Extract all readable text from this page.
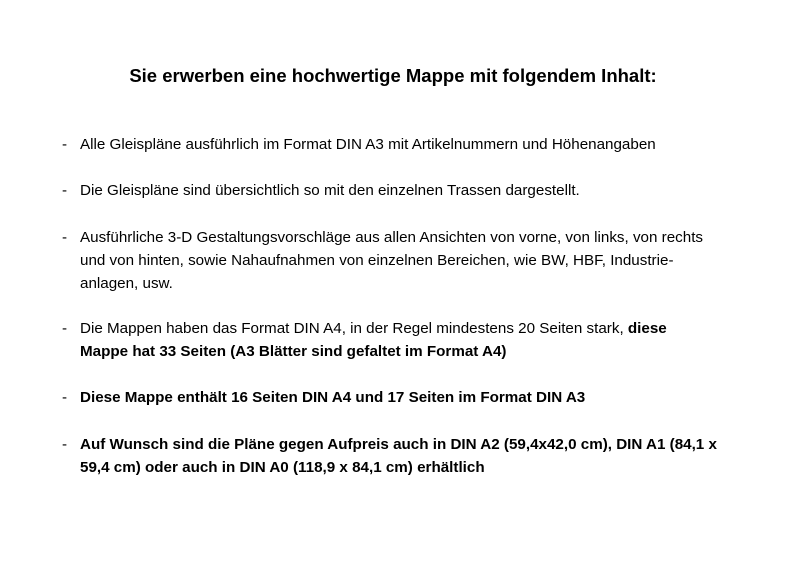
Sie erwerben eine hochwertige Mappe mit folgendem Inhalt:
- Alle Gleispläne ausführlich im Format DIN A3 mit Artikelnummern und Höhenangaben
- Die Gleispläne sind übersichtlich so mit den einzelnen Trassen dargestellt.
- Ausführliche 3-D Gestaltungsvorschläge aus allen Ansichten von vorne, von links, von rechts
und von hinten, sowie Nahaufnahmen von einzelnen Bereichen, wie BW, HBF, Industrie-
anlagen, usw.
- Die Mappen haben das Format DIN A4, in der Regel mindestens 20 Seiten stark, diese
Mappe hat 33 Seiten (A3 Blätter sind gefaltet im Format A4)
- Diese Mappe enthält 16 Seiten DIN A4 und 17 Seiten im Format DIN A3
- Auf Wunsch sind die Pläne gegen Aufpreis auch in DIN A2 (59,4x42,0 cm), DIN A1 (84,1 x
59,4 cm) oder auch in DIN A0 (118,9 x 84,1 cm) erhältlich
